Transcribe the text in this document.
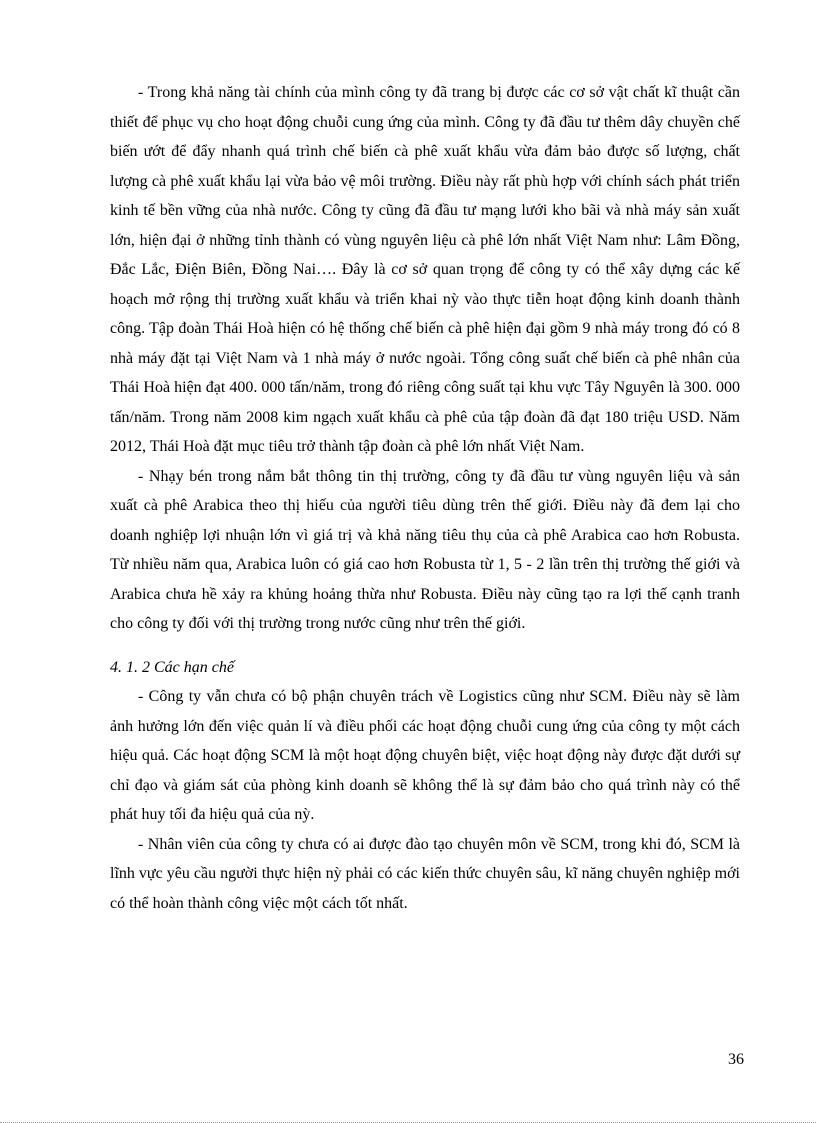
- Trong khả năng tài chính của mình công ty đã trang bị được các cơ sở vật chất kĩ thuật cần thiết để phục vụ cho hoạt động chuỗi cung ứng của mình. Công ty đã đầu tư thêm dây chuyền chế biến ướt để đẩy nhanh quá trình chế biến cà phê xuất khẩu vừa đảm bảo được số lượng, chất lượng cà phê xuất khẩu lại vừa bảo vệ môi trường. Điều này rất phù hợp với chính sách phát triển kinh tế bền vững của nhà nước. Công ty cũng đã đầu tư mạng lưới kho bãi và nhà máy sản xuất lớn, hiện đại ở những tỉnh thành có vùng nguyên liệu cà phê lớn nhất Việt Nam như: Lâm Đồng, Đắc Lắc, Điện Biên, Đồng Nai…. Đây là cơ sở quan trọng để công ty có thể xây dựng các kế hoạch mở rộng thị trường xuất khẩu và triển khai nỳ vào thực tiễn hoạt động kinh doanh thành công. Tập đoàn Thái Hoà hiện có hệ thống chế biến cà phê hiện đại gồm 9 nhà máy trong đó có 8 nhà máy đặt tại Việt Nam và 1 nhà máy ở nước ngoài. Tổng công suất chế biến cà phê nhân của Thái Hoà hiện đạt 400. 000 tấn/năm, trong đó riêng công suất tại khu vực Tây Nguyên là 300. 000 tấn/năm. Trong năm 2008 kim ngạch xuất khẩu cà phê của tập đoàn đã đạt 180 triệu USD. Năm 2012, Thái Hoà đặt mục tiêu trở thành tập đoàn cà phê lớn nhất Việt Nam.

- Nhạy bén trong nắm bắt thông tin thị trường, công ty đã đầu tư vùng nguyên liệu và sản xuất cà phê Arabica theo thị hiếu của người tiêu dùng trên thế giới. Điều này đã đem lại cho doanh nghiệp lợi nhuận lớn vì giá trị và khả năng tiêu thụ của cà phê Arabica cao hơn Robusta. Từ nhiều năm qua, Arabica luôn có giá cao hơn Robusta từ 1, 5 - 2 lần trên thị trường thế giới và Arabica chưa hề xảy ra khủng hoảng thừa như Robusta. Điều này cũng tạo ra lợi thế cạnh tranh cho công ty đối với thị trường trong nước cũng như trên thế giới.

4. 1. 2 Các hạn chế

- Công ty vẫn chưa có bộ phận chuyên trách về Logistics cũng như SCM. Điều này sẽ làm ảnh hưởng lớn đến việc quản lí và điều phối các hoạt động chuỗi cung ứng của công ty một cách hiệu quả. Các hoạt động SCM là một hoạt động chuyên biệt, việc hoạt động này được đặt dưới sự chỉ đạo và giám sát của phòng kinh doanh sẽ không thể là sự đảm bảo cho quá trình này có thể phát huy tối đa hiệu quả của nỳ.

- Nhân viên của công ty chưa có ai được đào tạo chuyên môn về SCM, trong khi đó, SCM là lĩnh vực yêu cầu người thực hiện nỳ phải có các kiến thức chuyên sâu, kĩ năng chuyên nghiệp mới có thể hoàn thành công việc một cách tốt nhất.

36
